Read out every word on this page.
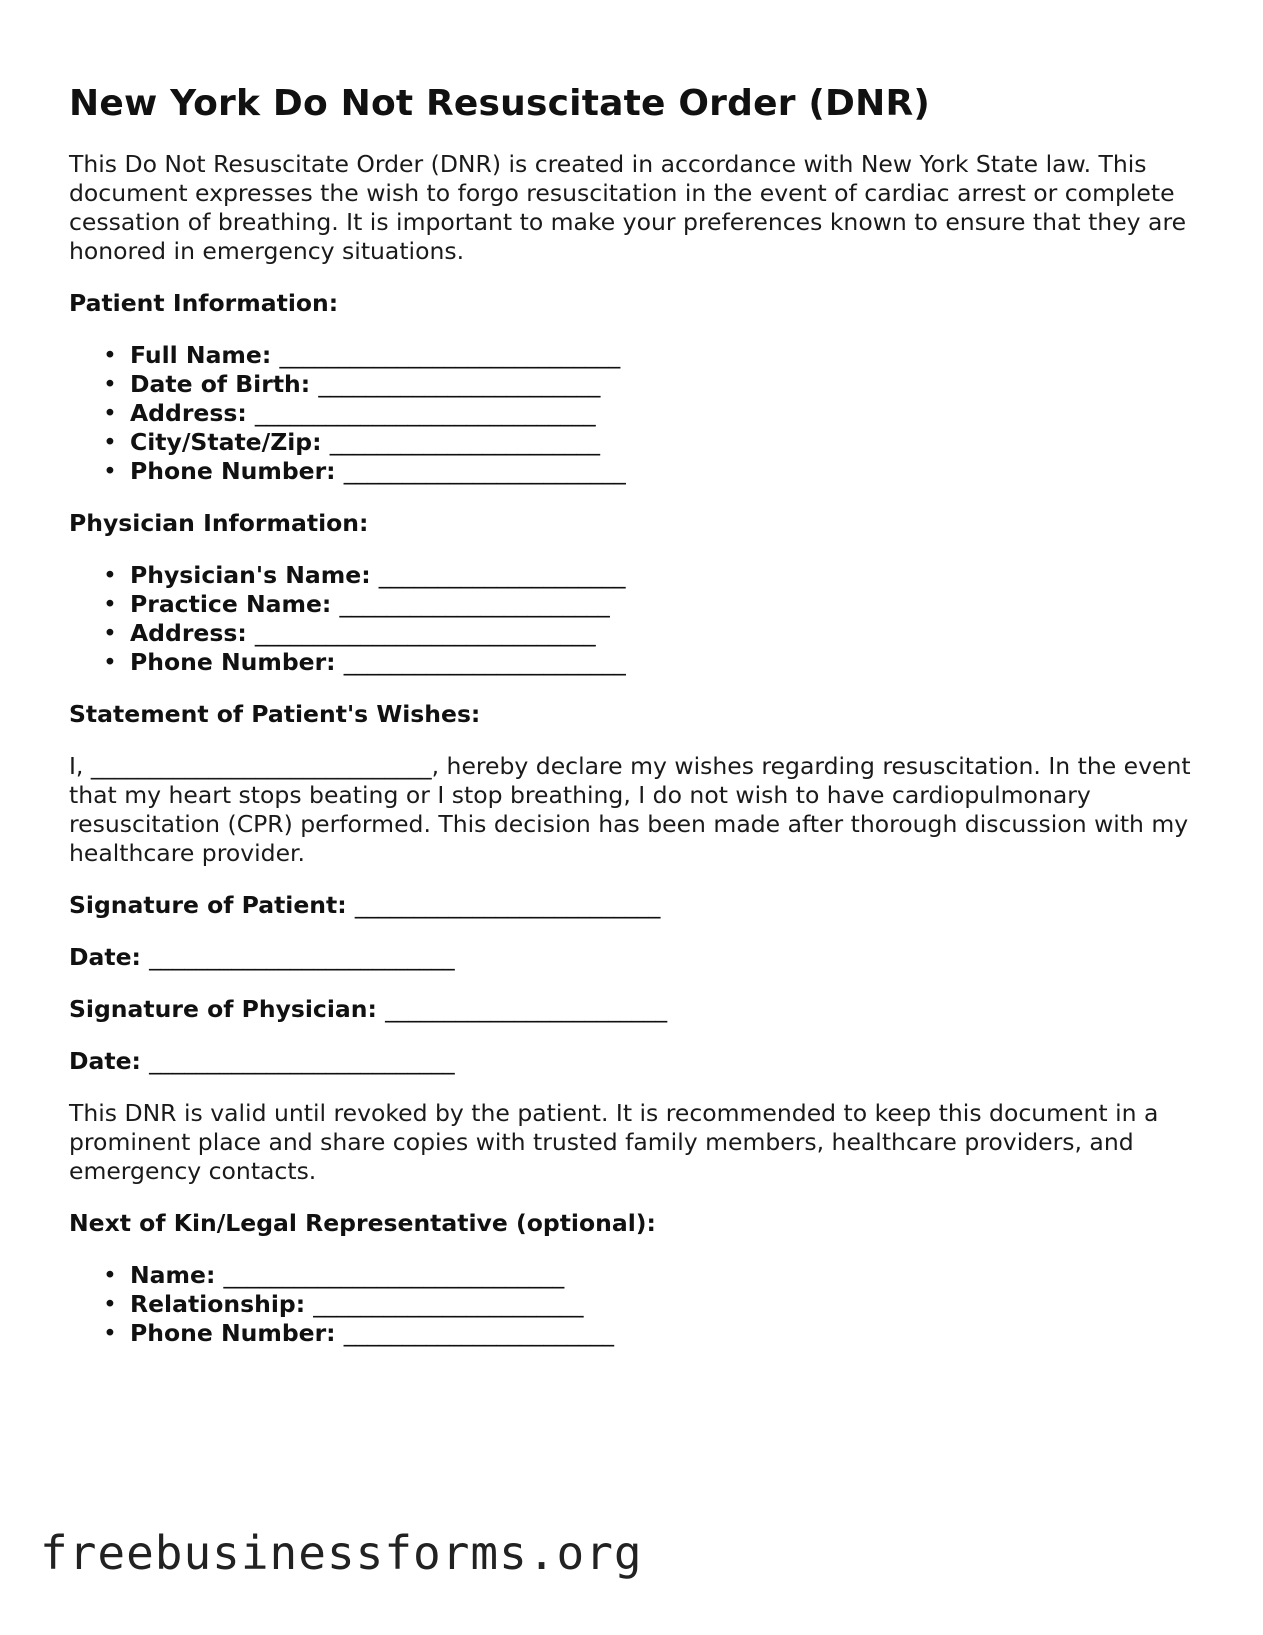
New York Do Not Resuscitate Order (DNR)

This Do Not Resuscitate Order (DNR) is created in accordance with New York State law. This document expresses the wish to forgo resuscitation in the event of cardiac arrest or complete cessation of breathing. It is important to make your preferences known to ensure that they are honored in emergency situations.

Patient Information:

• Full Name: _____________________________
• Date of Birth: ________________________
• Address: _____________________________
• City/State/Zip: _______________________
• Phone Number: ________________________

Physician Information:

• Physician's Name: _____________________
• Practice Name: _______________________
• Address: _____________________________
• Phone Number: ________________________

Statement of Patient's Wishes:

I, _____________________________, hereby declare my wishes regarding resuscitation. In the event that my heart stops beating or I stop breathing, I do not wish to have cardiopulmonary resuscitation (CPR) performed. This decision has been made after thorough discussion with my healthcare provider.

Signature of Patient: __________________________

Date: __________________________

Signature of Physician: ________________________

Date: __________________________

This DNR is valid until revoked by the patient. It is recommended to keep this document in a prominent place and share copies with trusted family members, healthcare providers, and emergency contacts.

Next of Kin/Legal Representative (optional):

• Name: _____________________________
• Relationship: _______________________
• Phone Number: _______________________
freebusinessforms.org
